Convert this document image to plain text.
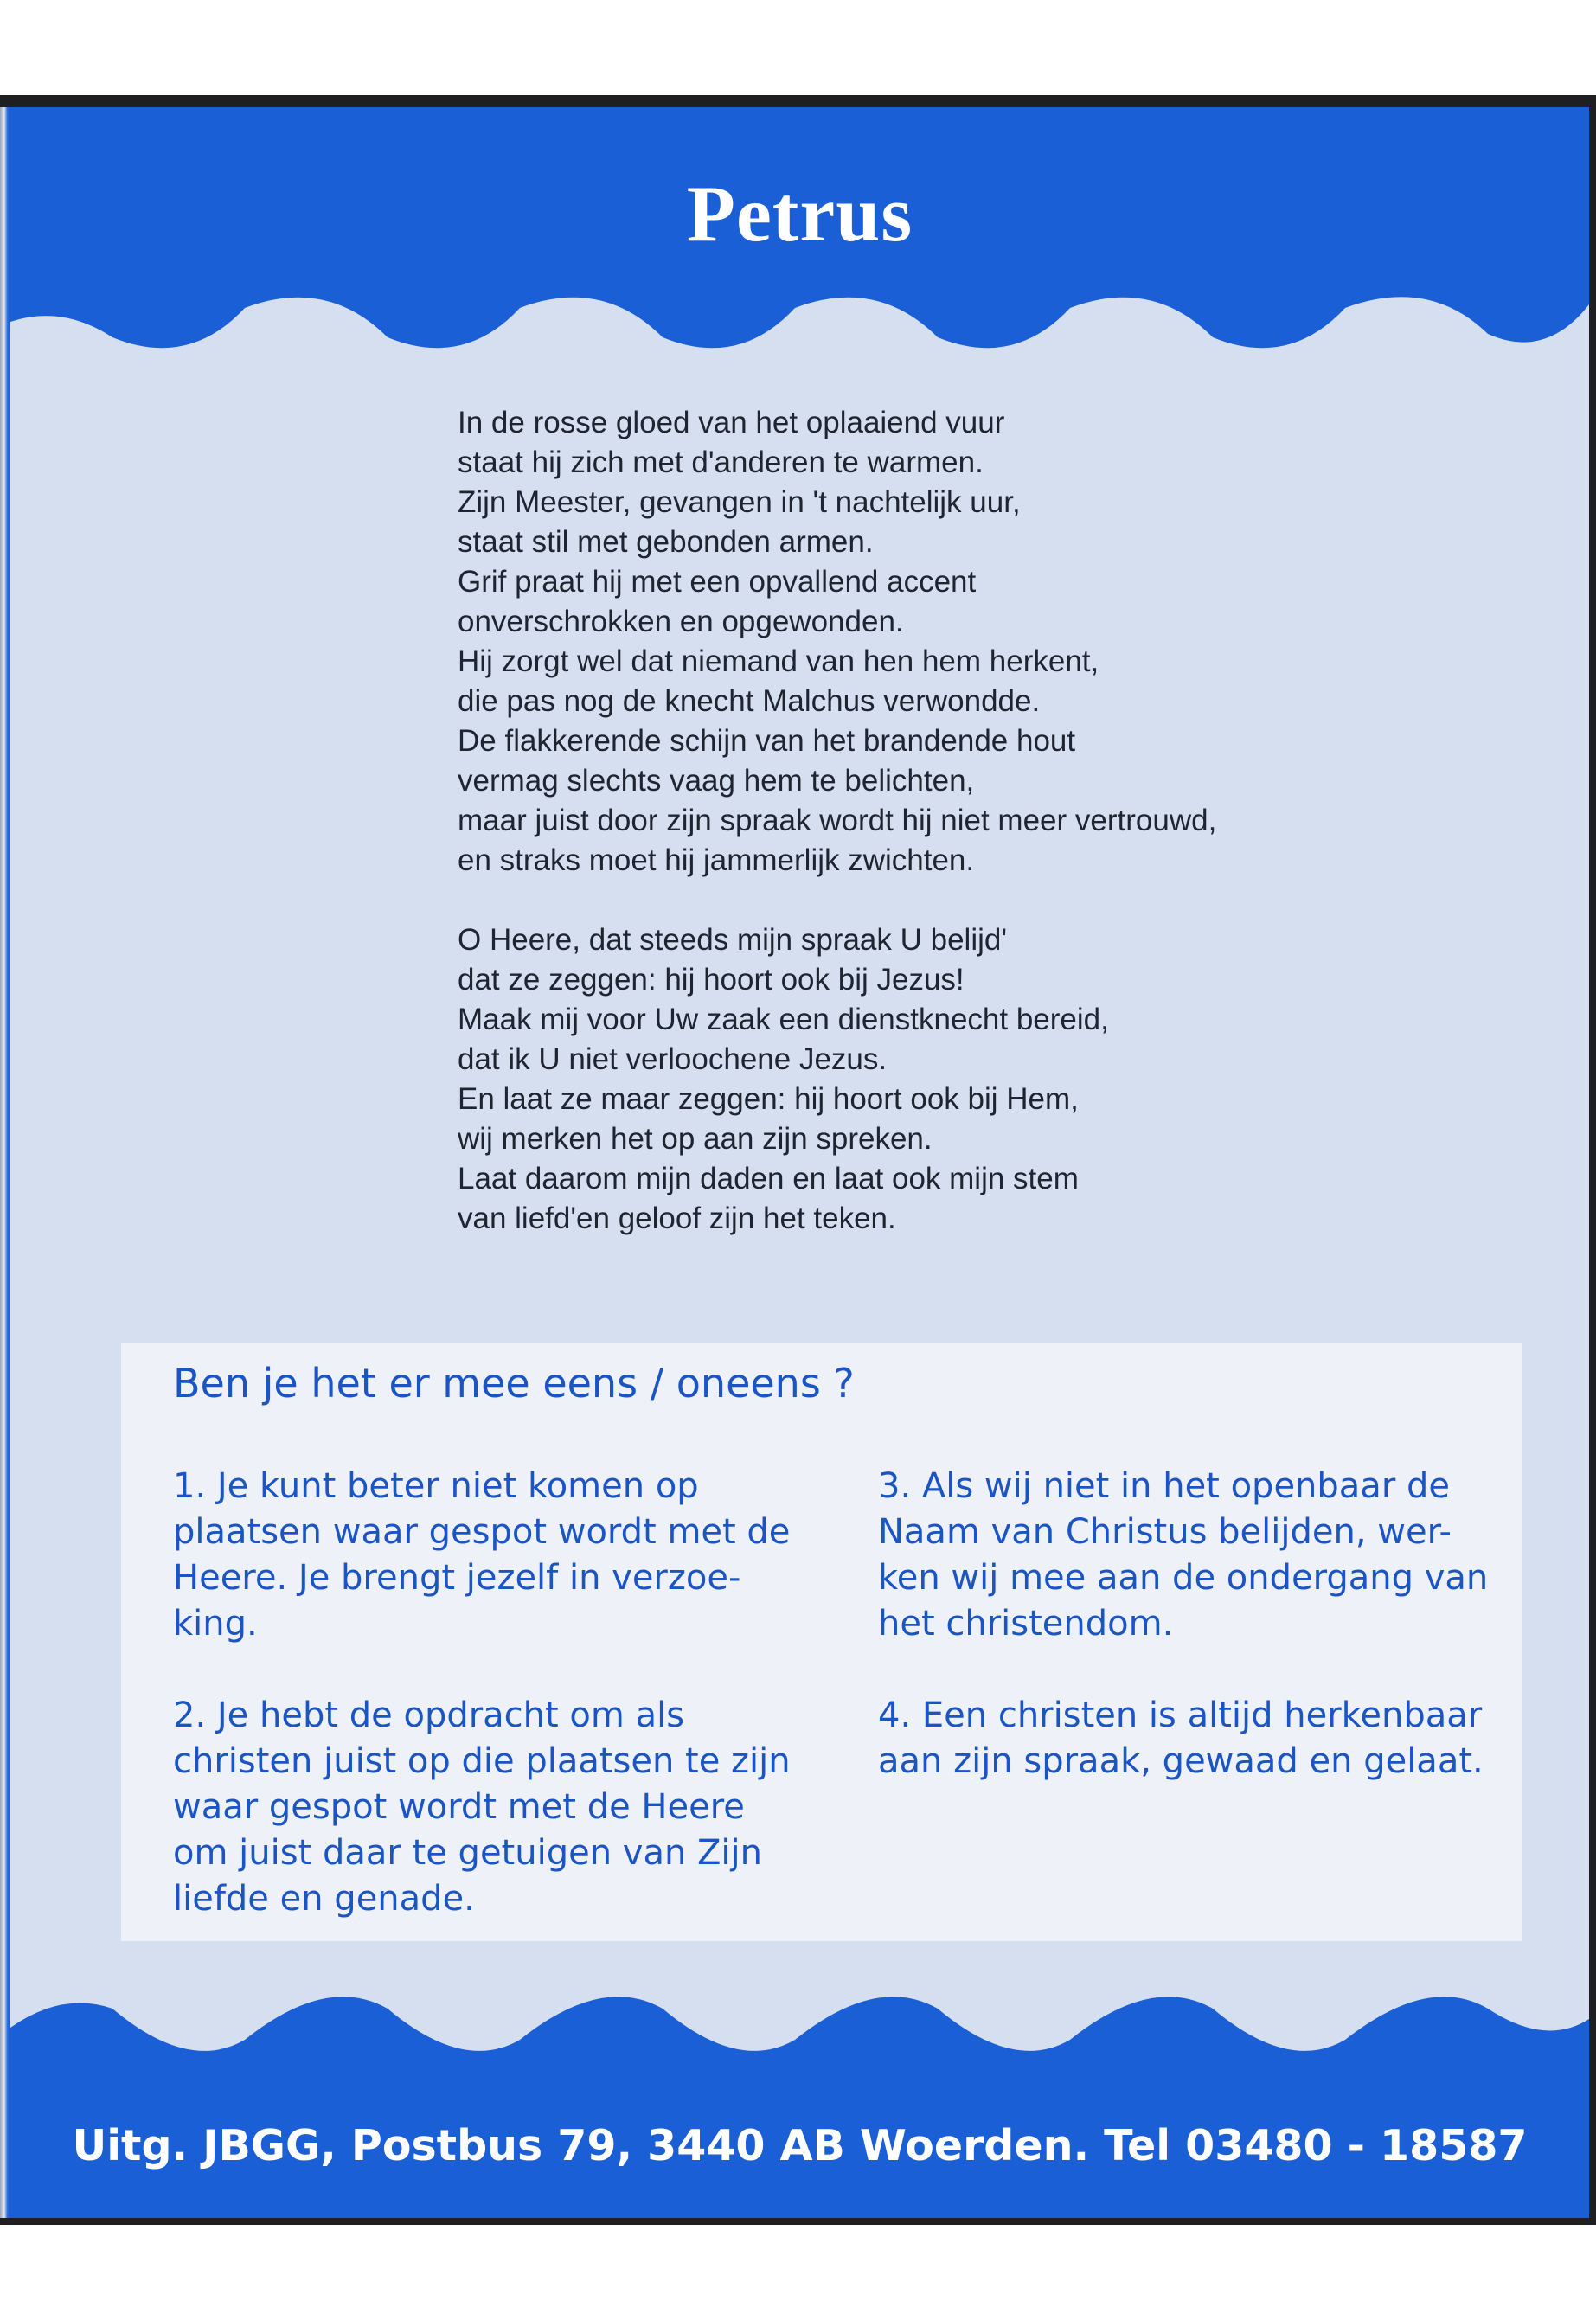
Petrus
In de rosse gloed van het oplaaiend vuur
staat hij zich met d'anderen te warmen.
Zijn Meester, gevangen in 't nachtelijk uur,
staat stil met gebonden armen.
Grif praat hij met een opvallend accent
onverschrokken en opgewonden.
Hij zorgt wel dat niemand van hen hem herkent,
die pas nog de knecht Malchus verwondde.
De flakkerende schijn van het brandende hout
vermag slechts vaag hem te belichten,
maar juist door zijn spraak wordt hij niet meer vertrouwd,
en straks moet hij jammerlijk zwichten.
O Heere, dat steeds mijn spraak U belijd'
dat ze zeggen: hij hoort ook bij Jezus!
Maak mij voor Uw zaak een dienstknecht bereid,
dat ik U niet verloochene Jezus.
En laat ze maar zeggen: hij hoort ook bij Hem,
wij merken het op aan zijn spreken.
Laat daarom mijn daden en laat ook mijn stem
van liefd'en geloof zijn het teken.
Ben je het er mee eens / oneens ?
1. Je kunt beter niet komen op
plaatsen waar gespot wordt met de
Heere. Je brengt jezelf in verzoe-
king.
2. Je hebt de opdracht om als
christen juist op die plaatsen te zijn
waar gespot wordt met de Heere
om juist daar te getuigen van Zijn
liefde en genade.
3. Als wij niet in het openbaar de
Naam van Christus belijden, wer-
ken wij mee aan de ondergang van
het christendom.
4. Een christen is altijd herkenbaar
aan zijn spraak, gewaad en gelaat.
Uitg. JBGG, Postbus 79, 3440 AB Woerden. Tel 03480 - 18587
